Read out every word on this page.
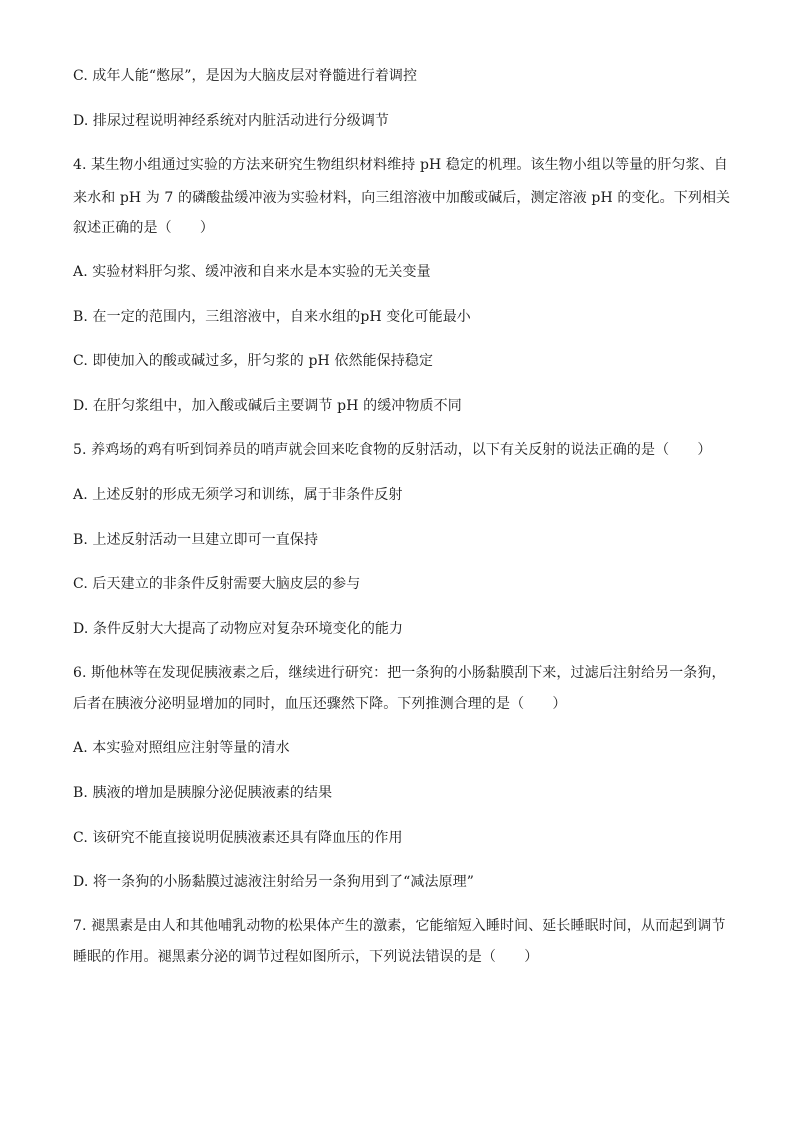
C. 成年人能“憋尿”，是因为大脑皮层对脊髓进行着调控
D. 排尿过程说明神经系统对内脏活动进行分级调节
4. 某生物小组通过实验的方法来研究生物组织材料维持 pH 稳定的机理。该生物小组以等量的肝匀浆、自
来水和 pH 为 7 的磷酸盐缓冲液为实验材料，向三组溶液中加酸或碱后，测定溶液 pH 的变化。下列相关
叙述正确的是（　　）
A. 实验材料肝匀浆、缓冲液和自来水是本实验的无关变量
B. 在一定的范围内，三组溶液中，自来水组的pH 变化可能最小
C. 即使加入的酸或碱过多，肝匀浆的 pH 依然能保持稳定
D. 在肝匀浆组中，加入酸或碱后主要调节 pH 的缓冲物质不同
5. 养鸡场的鸡有听到饲养员的哨声就会回来吃食物的反射活动，以下有关反射的说法正确的是（　　）
A. 上述反射的形成无须学习和训练，属于非条件反射
B. 上述反射活动一旦建立即可一直保持
C. 后天建立的非条件反射需要大脑皮层的参与
D. 条件反射大大提高了动物应对复杂环境变化的能力
6. 斯他林等在发现促胰液素之后，继续进行研究：把一条狗的小肠黏膜刮下来，过滤后注射给另一条狗，
后者在胰液分泌明显增加的同时，血压还骤然下降。下列推测合理的是（　　）
A. 本实验对照组应注射等量的清水
B. 胰液的增加是胰腺分泌促胰液素的结果
C. 该研究不能直接说明促胰液素还具有降血压的作用
D. 将一条狗的小肠黏膜过滤液注射给另一条狗用到了“减法原理”
7. 褪黑素是由人和其他哺乳动物的松果体产生的激素，它能缩短入睡时间、延长睡眠时间，从而起到调节
睡眠的作用。褪黑素分泌的调节过程如图所示，下列说法错误的是（　　）
